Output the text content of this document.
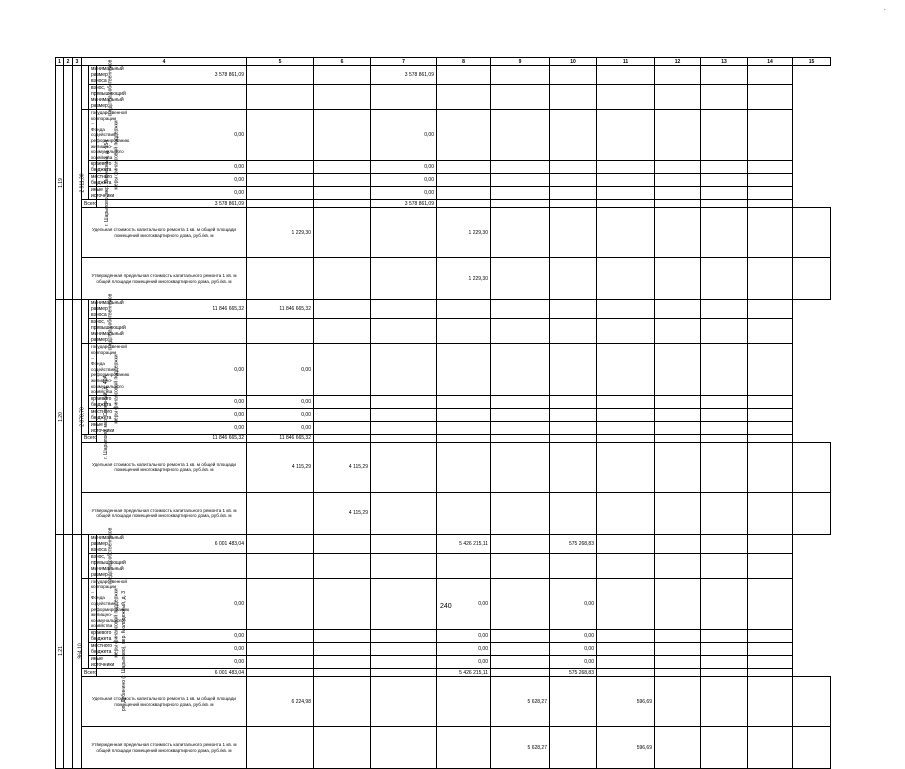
1	2	3	4			5	6	7	8	9	10	11	12	13	14	15
1.19	г. Шарыпово, мкр. Пионерный, д. 154	2 911,30	средства собственников	минимальный размер взноса	3 578 861,09			3 578 861,09								
				взнос, превышающий минимальный размер												
			меры финансовой поддержки	государственной корпорации – Фонда содействия реформированию жилищно-коммунального хозяйства	0,00			0,00								
				краевого бюджета	0,00			0,00								
				местного бюджета	0,00			0,00								
				иные источники	0,00			0,00								
			Всего		3 578 861,09			3 578 861,09								
			Удельная стоимость капитального ремонта 1 кв. м общей площади помещений многоквартирного дома, руб./кв. м			1 229,30			1 229,30							
			Утвержденная предельная стоимость капитального ремонта 1 кв. м общей площади помещений многоквартирного дома, руб./кв. м						1 229,30							
1.20	г. Шарыпово, мкр. Северный, д. 40А	2 878,70	средства собственников	минимальный размер взноса	11 846 665,32	11 846 665,32										
				взнос, превышающий минимальный размер												
			меры финансовой поддержки	государственной корпорации – Фонда содействия реформированию жилищно-коммунального хозяйства	0,00	0,00										
				краевого бюджета	0,00	0,00										
				местного бюджета	0,00	0,00										
				иные источники	0,00	0,00										
			Всего		11 846 665,32	11 846 665,32										
			Удельная стоимость капитального ремонта 1 кв. м общей площади помещений многоквартирного дома, руб./кв. м			4 115,29	4 115,29									
			Утвержденная предельная стоимость капитального ремонта 1 кв. м общей площади помещений многоквартирного дома, руб./кв. м				4 115,29									
1.21	рп. Дубинино (г. Шарыпово), пер. Молодежный, д. 3	964,10	средства собственников	минимальный размер взноса	6 001 483,04				5 426 215,11		575 268,83					
				взнос, превышающий минимальный размер												
			меры финансовой поддержки	государственной корпорации – Фонда содействия реформированию жилищно-коммунального хозяйства	0,00				0,00		0,00					
				краевого бюджета	0,00				0,00		0,00					
				местного бюджета	0,00				0,00		0,00					
				иные источники	0,00				0,00		0,00					
			Всего		6 001 483,04				5 426 215,11		575 268,83					
			Удельная стоимость капитального ремонта 1 кв. м общей площади помещений многоквартирного дома, руб./кв. м			6 224,98				5 628,27		596,69				
			Утвержденная предельная стоимость капитального ремонта 1 кв. м общей площади помещений многоквартирного дома, руб./кв. м							5 628,27		596,69				
240
.
